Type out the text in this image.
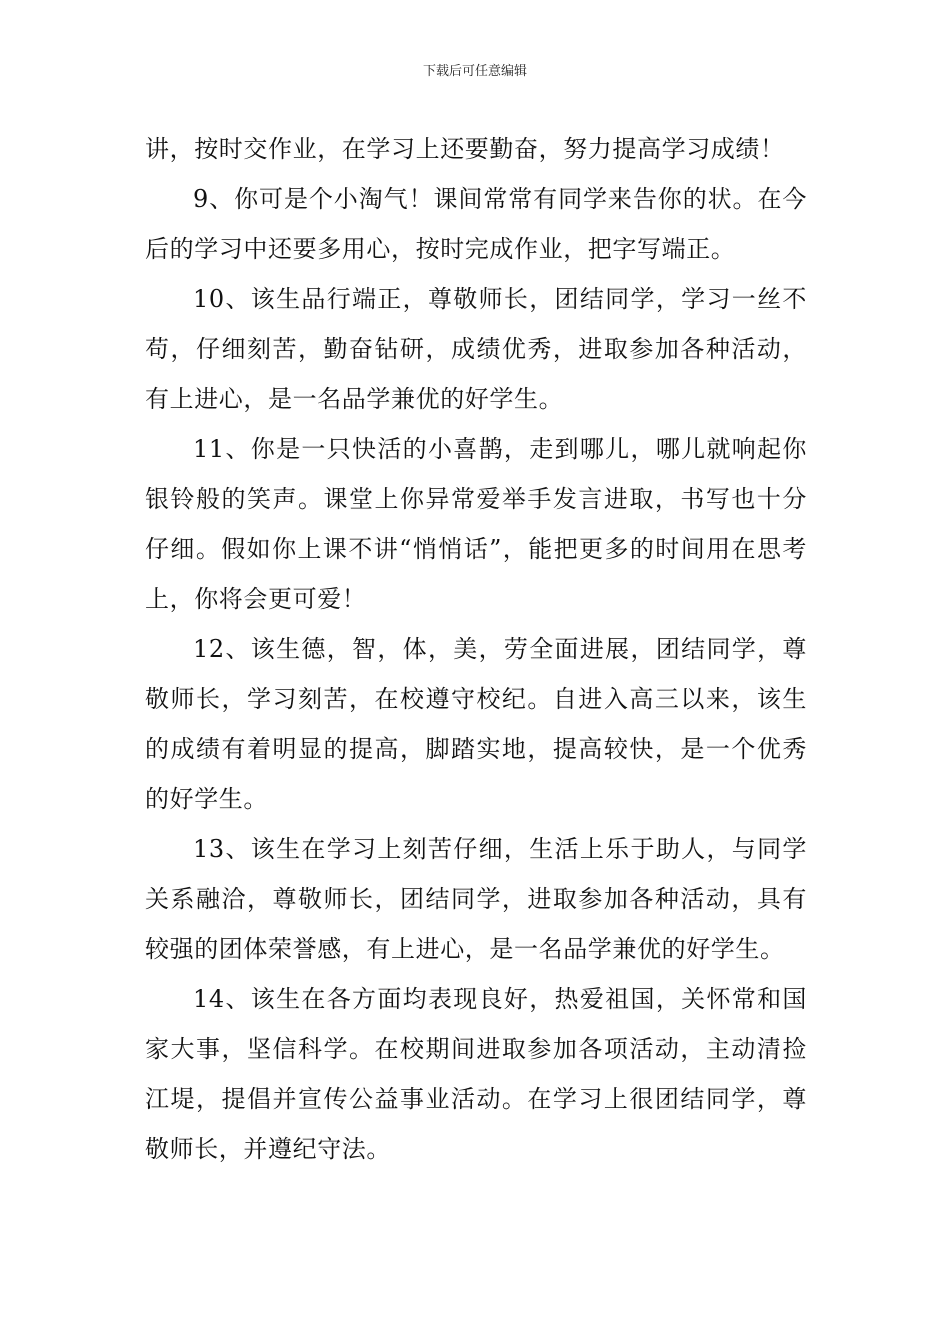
下载后可任意编辑

讲，按时交作业，在学习上还要勤奋，努力提高学习成绩！

9、你可是个小淘气！课间常常有同学来告你的状。在今后的学习中还要多用心，按时完成作业，把字写端正。

10、该生品行端正，尊敬师长，团结同学，学习一丝不苟，仔细刻苦，勤奋钻研，成绩优秀，进取参加各种活动，有上进心，是一名品学兼优的好学生。

11、你是一只快活的小喜鹊，走到哪儿，哪儿就响起你银铃般的笑声。课堂上你异常爱举手发言进取，书写也十分仔细。假如你上课不讲“悄悄话”，能把更多的时间用在思考上，你将会更可爱！

12、该生德，智，体，美，劳全面进展，团结同学，尊敬师长，学习刻苦，在校遵守校纪。自进入高三以来，该生的成绩有着明显的提高，脚踏实地，提高较快，是一个优秀的好学生。

13、该生在学习上刻苦仔细，生活上乐于助人，与同学关系融洽，尊敬师长，团结同学，进取参加各种活动，具有较强的团体荣誉感，有上进心，是一名品学兼优的好学生。

14、该生在各方面均表现良好，热爱祖国，关怀常和国家大事，坚信科学。在校期间进取参加各项活动，主动清捡江堤，提倡并宣传公益事业活动。在学习上很团结同学，尊敬师长，并遵纪守法。
